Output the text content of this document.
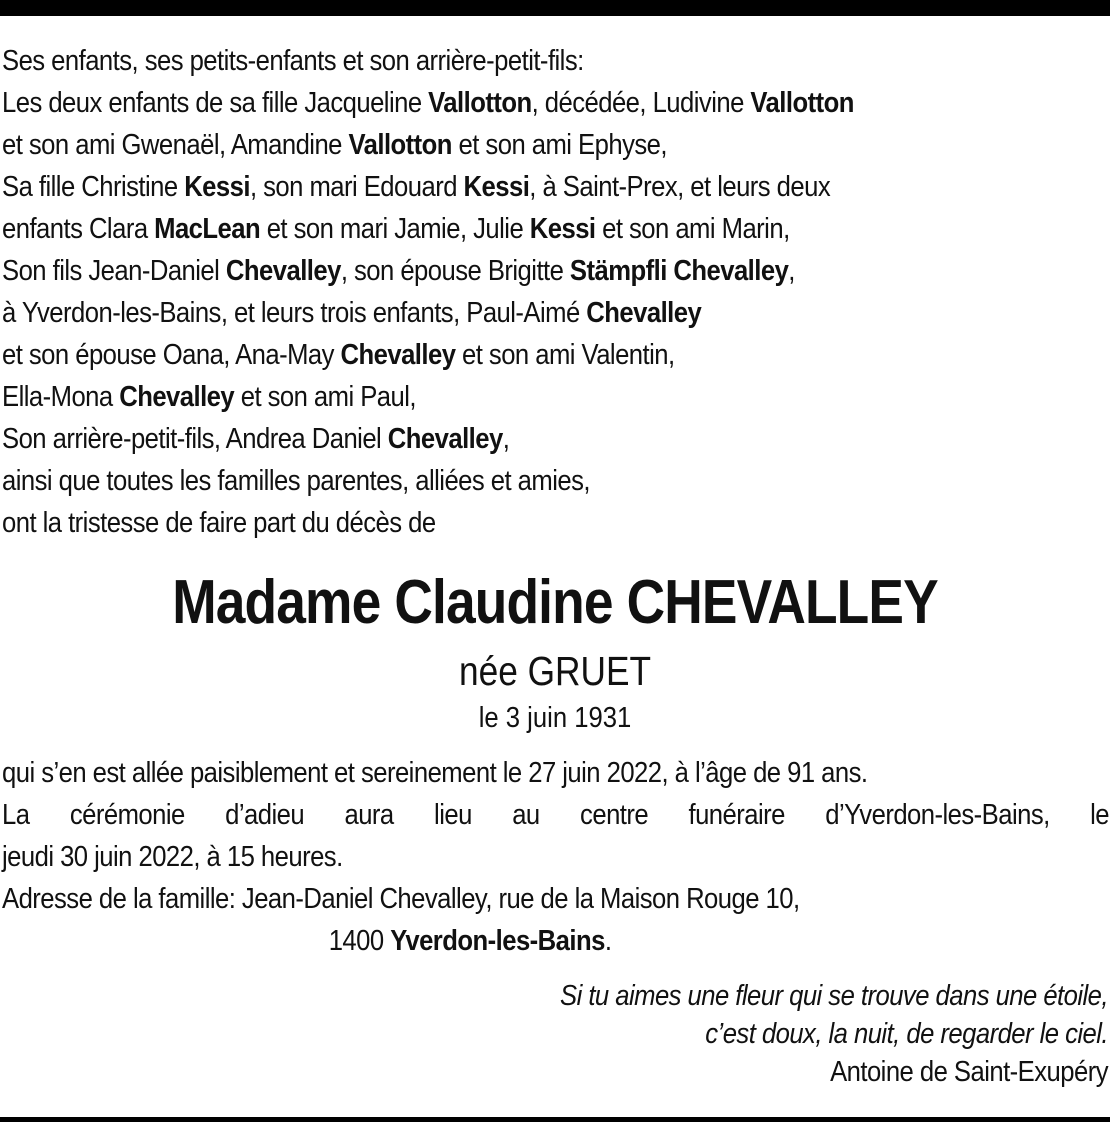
Ses enfants, ses petits-enfants et son arrière-petit-fils:
Les deux enfants de sa fille Jacqueline Vallotton, décédée, Ludivine Vallotton
et son ami Gwenaël, Amandine Vallotton et son ami Ephyse,
Sa fille Christine Kessi, son mari Edouard Kessi, à Saint-Prex, et leurs deux
enfants Clara MacLean et son mari Jamie, Julie Kessi et son ami Marin,
Son fils Jean-Daniel Chevalley, son épouse Brigitte Stämpfli Chevalley,
à Yverdon-les-Bains, et leurs trois enfants, Paul-Aimé Chevalley
et son épouse Oana, Ana-May Chevalley et son ami Valentin,
Ella-Mona Chevalley et son ami Paul,
Son arrière-petit-fils, Andrea Daniel Chevalley,
ainsi que toutes les familles parentes, alliées et amies,
ont la tristesse de faire part du décès de
Madame Claudine CHEVALLEY
née GRUET
le 3 juin 1931
qui s’en est allée paisiblement et sereinement le 27 juin 2022, à l’âge de 91 ans.
La cérémonie d’adieu aura lieu au centre funéraire d’Yverdon-les-Bains, le
jeudi 30 juin 2022, à 15 heures.
Adresse de la famille: Jean-Daniel Chevalley, rue de la Maison Rouge 10,
1400 Yverdon-les-Bains.
Si tu aimes une fleur qui se trouve dans une étoile,
c’est doux, la nuit, de regarder le ciel.
Antoine de Saint-Exupéry
